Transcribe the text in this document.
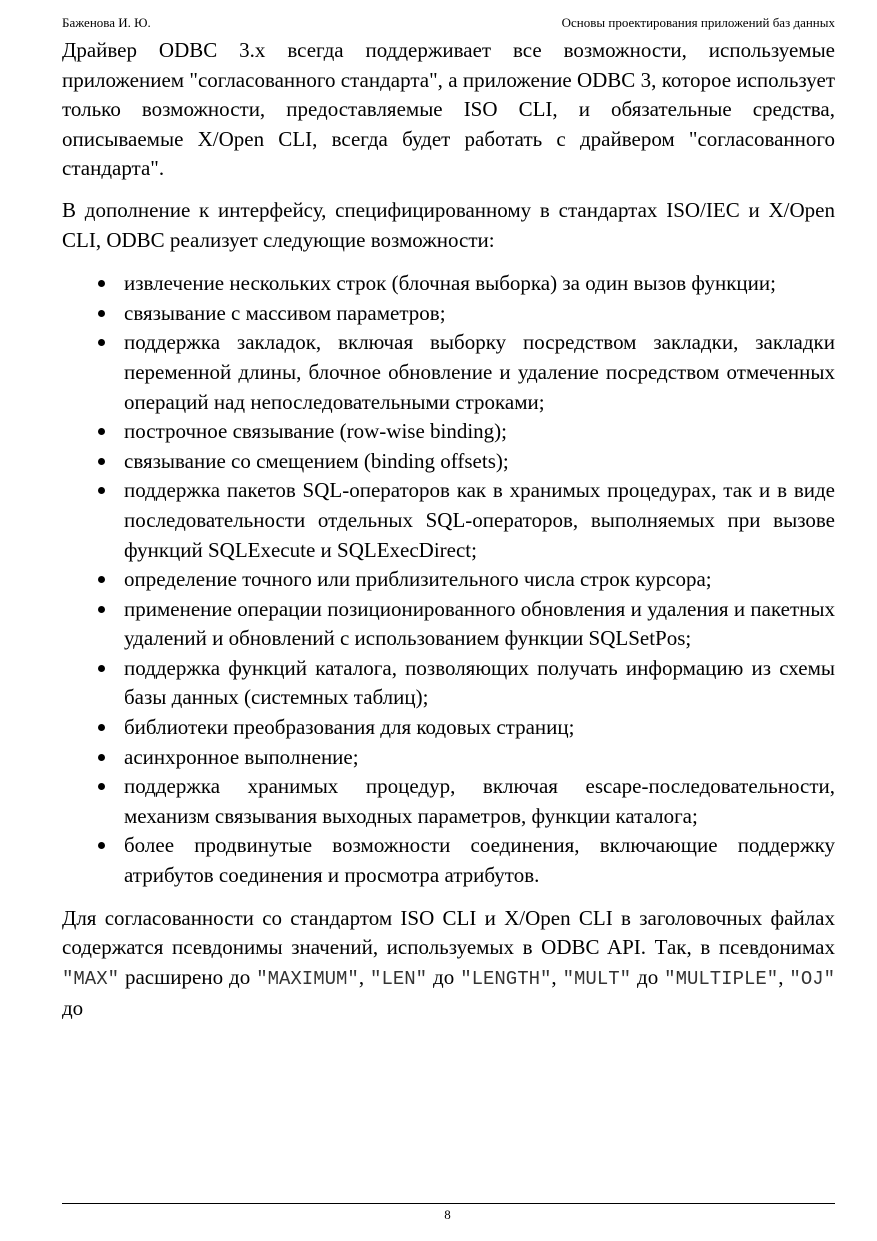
Баженова И. Ю.	Основы проектирования приложений баз данных

Драйвер ODBC 3.x всегда поддерживает все возможности, используемые приложением "согласованного стандарта", а приложение ODBC 3, которое использует только возможности, предоставляемые ISO CLI, и обязательные средства, описываемые X/Open CLI, всегда будет работать с драйвером "согласованного стандарта".

В дополнение к интерфейсу, специфицированному в стандартах ISO/IEC и X/Open CLI, ODBC реализует следующие возможности:

извлечение нескольких строк (блочная выборка) за один вызов функции;
связывание с массивом параметров;
поддержка закладок, включая выборку посредством закладки, закладки переменной длины, блочное обновление и удаление посредством отмеченных операций над непоследовательными строками;
построчное связывание (row-wise binding);
связывание со смещением (binding offsets);
поддержка пакетов SQL-операторов как в хранимых процедурах, так и в виде последовательности отдельных SQL-операторов, выполняемых при вызове функций SQLExecute и SQLExecDirect;
определение точного или приблизительного числа строк курсора;
применение операции позиционированного обновления и удаления и пакетных удалений и обновлений с использованием функции SQLSetPos;
поддержка функций каталога, позволяющих получать информацию из схемы базы данных (системных таблиц);
библиотеки преобразования для кодовых страниц;
асинхронное выполнение;
поддержка хранимых процедур, включая escape-последовательности, механизм связывания выходных параметров, функции каталога;
более продвинутые возможности соединения, включающие поддержку атрибутов соединения и просмотра атрибутов.

Для согласованности со стандартом ISO CLI и X/Open CLI в заголовочных файлах содержатся псевдонимы значений, используемых в ODBC API. Так, в псевдонимах "MAX" расширено до "MAXIMUM", "LEN" до "LENGTH", "MULT" до "MULTIPLE", "OJ" до

8
